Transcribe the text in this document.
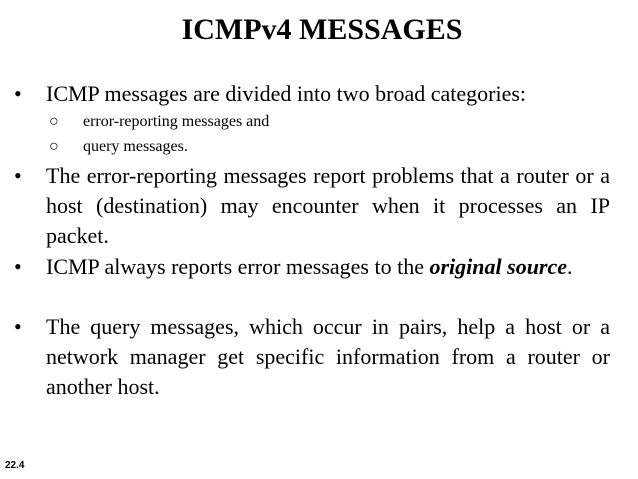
ICMPv4 MESSAGES
• ICMP messages are divided into two broad categories:
○ error-reporting messages and
○ query messages.
• The error-reporting messages report problems that a router or a host (destination) may encounter when it processes an IP packet.
• ICMP always reports error messages to the original source.
• The query messages, which occur in pairs, help a host or a network manager get specific information from a router or another host.
22.4
